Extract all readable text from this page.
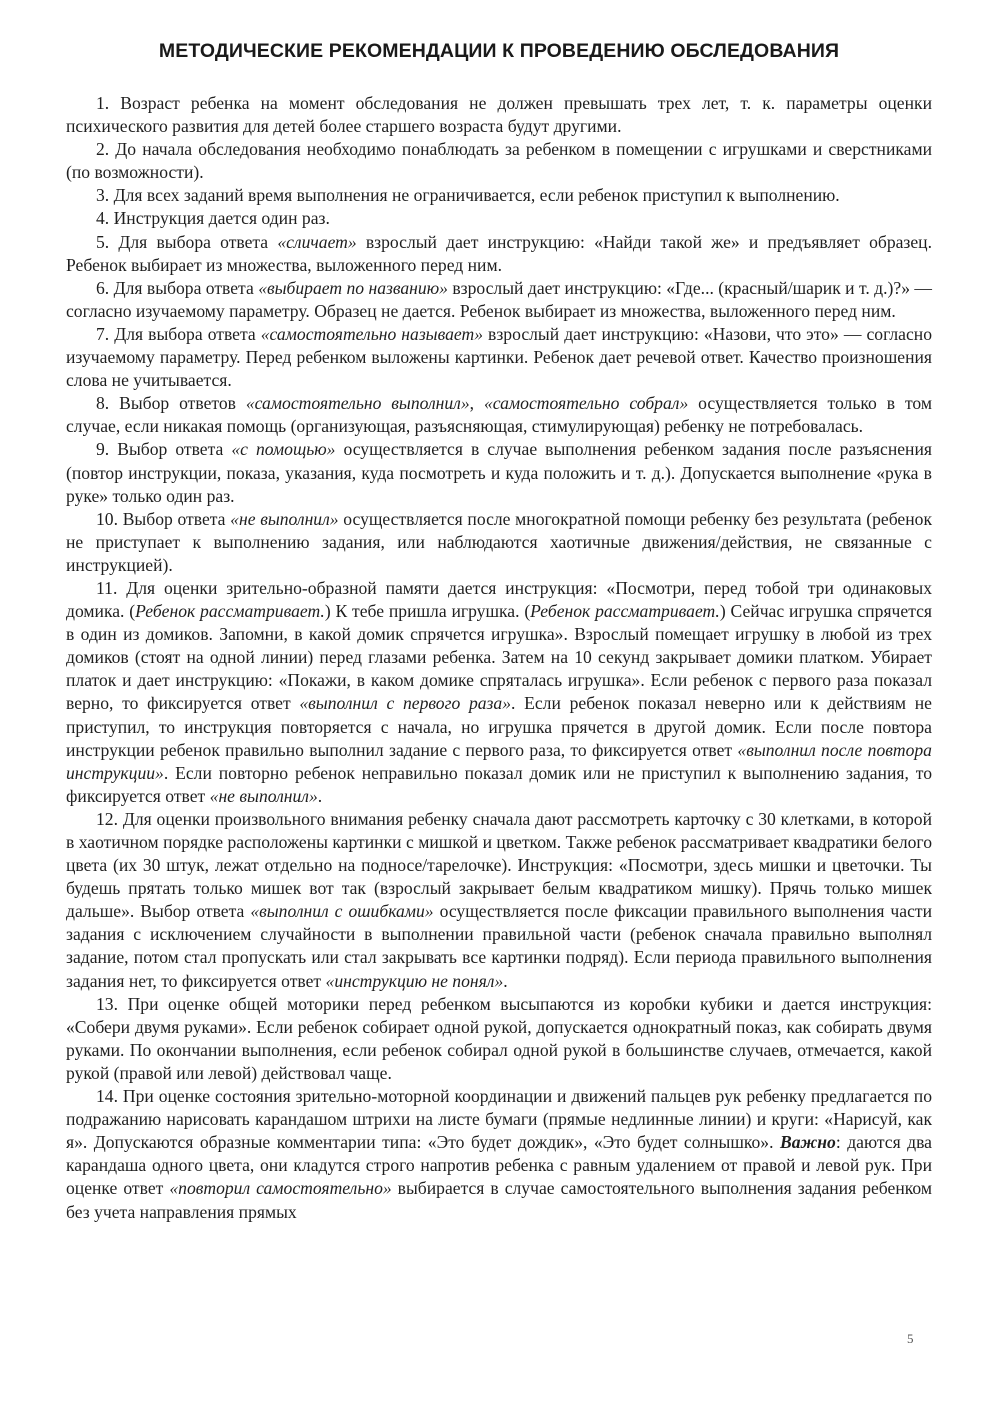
МЕТОДИЧЕСКИЕ РЕКОМЕНДАЦИИ К ПРОВЕДЕНИЮ ОБСЛЕДОВАНИЯ

1. Возраст ребенка на момент обследования не должен превышать трех лет, т. к. параметры оценки психического развития для детей более старшего возраста будут другими.

2. До начала обследования необходимо понаблюдать за ребенком в помещении с игрушками и сверстниками (по возможности).

3. Для всех заданий время выполнения не ограничивается, если ребенок приступил к выполнению.

4. Инструкция дается один раз.

5. Для выбора ответа «сличает» взрослый дает инструкцию: «Найди такой же» и предъявляет образец. Ребенок выбирает из множества, выложенного перед ним.

6. Для выбора ответа «выбирает по названию» взрослый дает инструкцию: «Где... (красный/шарик и т. д.)?» — согласно изучаемому параметру. Образец не дается. Ребенок выбирает из множества, выложенного перед ним.

7. Для выбора ответа «самостоятельно называет» взрослый дает инструкцию: «Назови, что это» — согласно изучаемому параметру. Перед ребенком выложены картинки. Ребенок дает речевой ответ. Качество произношения слова не учитывается.

8. Выбор ответов «самостоятельно выполнил», «самостоятельно собрал» осуществляется только в том случае, если никакая помощь (организующая, разъясняющая, стимулирующая) ребенку не потребовалась.

9. Выбор ответа «с помощью» осуществляется в случае выполнения ребенком задания после разъяснения (повтор инструкции, показа, указания, куда посмотреть и куда положить и т. д.). Допускается выполнение «рука в руке» только один раз.

10. Выбор ответа «не выполнил» осуществляется после многократной помощи ребенку без результата (ребенок не приступает к выполнению задания, или наблюдаются хаотичные движения/действия, не связанные с инструкцией).

11. Для оценки зрительно-образной памяти дается инструкция: «Посмотри, перед тобой три одинаковых домика. (Ребенок рассматривает.) К тебе пришла игрушка. (Ребенок рассматривает.) Сейчас игрушка спрячется в один из домиков. Запомни, в какой домик спрячется игрушка». Взрослый помещает игрушку в любой из трех домиков (стоят на одной линии) перед глазами ребенка. Затем на 10 секунд закрывает домики платком. Убирает платок и дает инструкцию: «Покажи, в каком домике спряталась игрушка». Если ребенок с первого раза показал верно, то фиксируется ответ «выполнил с первого раза». Если ребенок показал неверно или к действиям не приступил, то инструкция повторяется с начала, но игрушка прячется в другой домик. Если после повтора инструкции ребенок правильно выполнил задание с первого раза, то фиксируется ответ «выполнил после повтора инструкции». Если повторно ребенок неправильно показал домик или не приступил к выполнению задания, то фиксируется ответ «не выполнил».

12. Для оценки произвольного внимания ребенку сначала дают рассмотреть карточку с 30 клетками, в которой в хаотичном порядке расположены картинки с мишкой и цветком. Также ребенок рассматривает квадратики белого цвета (их 30 штук, лежат отдельно на подносе/тарелочке). Инструкция: «Посмотри, здесь мишки и цветочки. Ты будешь прятать только мишек вот так (взрослый закрывает белым квадратиком мишку). Прячь только мишек дальше». Выбор ответа «выполнил с ошибками» осуществляется после фиксации правильного выполнения части задания с исключением случайности в выполнении правильной части (ребенок сначала правильно выполнял задание, потом стал пропускать или стал закрывать все картинки подряд). Если периода правильного выполнения задания нет, то фиксируется ответ «инструкцию не понял».

13. При оценке общей моторики перед ребенком высыпаются из коробки кубики и дается инструкция: «Собери двумя руками». Если ребенок собирает одной рукой, допускается однократный показ, как собирать двумя руками. По окончании выполнения, если ребенок собирал одной рукой в большинстве случаев, отмечается, какой рукой (правой или левой) действовал чаще.

14. При оценке состояния зрительно-моторной координации и движений пальцев рук ребенку предлагается по подражанию нарисовать карандашом штрихи на листе бумаги (прямые недлинные линии) и круги: «Нарисуй, как я». Допускаются образные комментарии типа: «Это будет дождик», «Это будет солнышко». Важно: даются два карандаша одного цвета, они кладутся строго напротив ребенка с равным удалением от правой и левой рук. При оценке ответ «повторил самостоятельно» выбирается в случае самостоятельного выполнения задания ребенком без учета направления прямых

5
